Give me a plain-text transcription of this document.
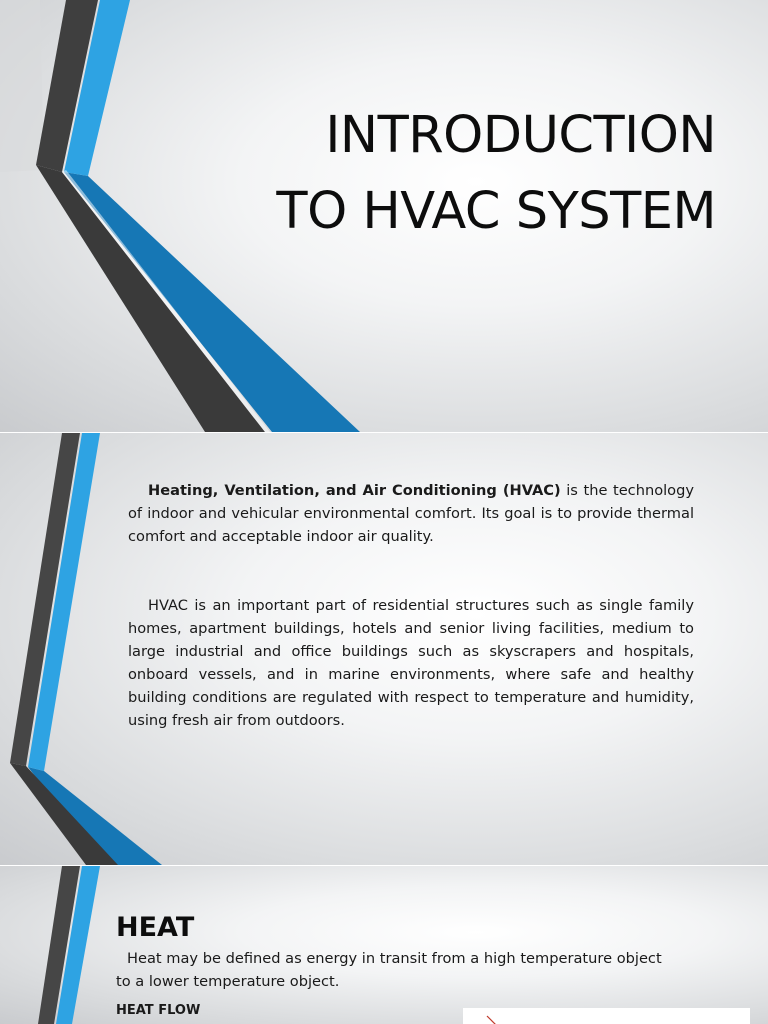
INTRODUCTION
TO HVAC SYSTEM

Heating, Ventilation, and Air Conditioning (HVAC) is the technology of indoor and vehicular environmental comfort. Its goal is to provide thermal comfort and acceptable indoor air quality.

HVAC is an important part of residential structures such as single family homes, apartment buildings, hotels and senior living facilities, medium to large industrial and office buildings such as skyscrapers and hospitals, onboard vessels, and in marine environments, where safe and healthy building conditions are regulated with respect to temperature and humidity, using fresh air from outdoors.

HEAT

Heat may be defined as energy in transit from a high temperature object to a lower temperature object.

HEAT FLOW
